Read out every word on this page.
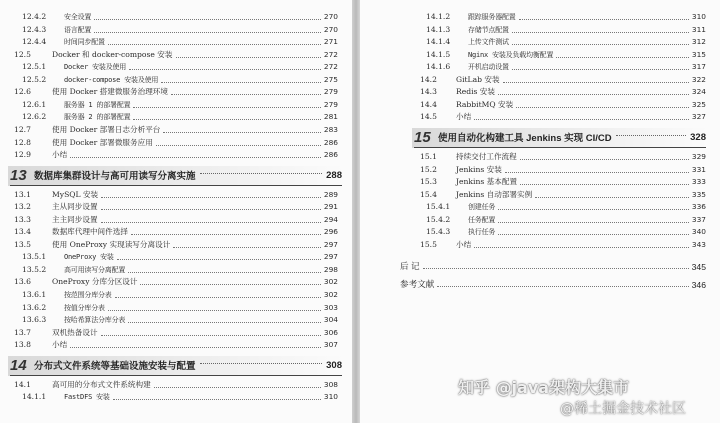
12.4.2	安全设置	270
12.4.3	语言配置	270
12.4.4	时间同步配置	271
12.5	Docker 和 docker-compose 安装	272
12.5.1	Docker 安装及使用	272
12.5.2	docker-compose 安装及使用	275
12.6	使用 Docker 搭建微服务治理环境	279
12.6.1	服务器 1 的部署配置	279
12.6.2	服务器 2 的部署配置	281
12.7	使用 Docker 部署日志分析平台	283
12.8	使用 Docker 部署微服务应用	286
12.9	小结	286
13 数据库集群设计与高可用读写分离实施	288
13.1	MySQL 安装	289
13.2	主从同步设置	291
13.3	主主同步设置	294
13.4	数据库代理中间件选择	296
13.5	使用 OneProxy 实现读写分离设计	297
13.5.1	OneProxy 安装	297
13.5.2	高可用读写分离配置	298
13.6	OneProxy 分库分区设计	302
13.6.1	按范围分库分表	302
13.6.2	按值分库分表	303
13.6.3	按哈希算法分库分表	304
13.7	双机热备设计	306
13.8	小结	307
14 分布式文件系统等基础设施安装与配置	308
14.1	高可用的分布式文件系统构建	308
14.1.1	FastDFS 安装	310
14.1.2	跟踪服务器配置	310
14.1.3	存储节点配置	311
14.1.4	上传文件测试	312
14.1.5	Nginx 安装及负载均衡配置	315
14.1.6	开机启动设置	317
14.2	GitLab 安装	322
14.3	Redis 安装	324
14.4	RabbitMQ 安装	325
14.5	小结	327
15 使用自动化构建工具 Jenkins 实现 CI/CD	328
15.1	持续交付工作流程	329
15.2	Jenkins 安装	331
15.3	Jenkins 基本配置	333
15.4	Jenkins 自动部署实例	335
15.4.1	创建任务	336
15.4.2	任务配置	337
15.4.3	执行任务	340
15.5	小结	343
后 记	345
参考文献	346
知乎 @java架构大集市
@稀土掘金技术社区
